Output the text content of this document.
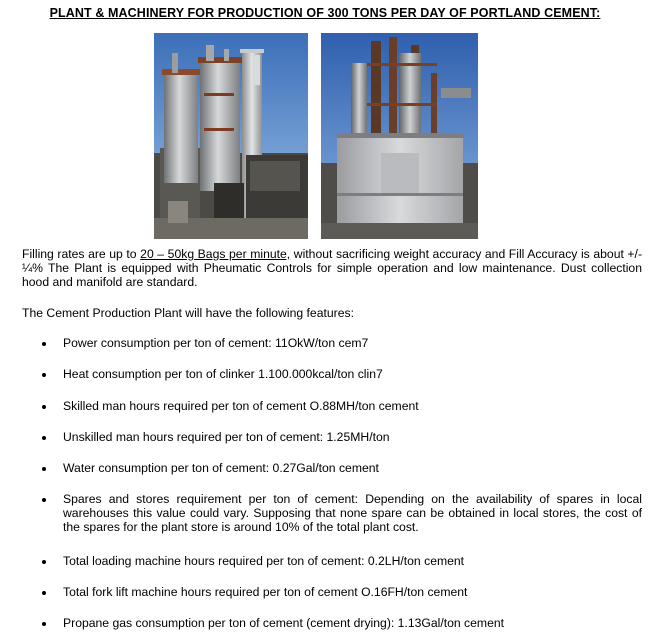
PLANT & MACHINERY FOR PRODUCTION OF 300 TONS PER DAY OF PORTLAND CEMENT:
Filling rates are up to 20 – 50kg Bags per minute, without sacrificing weight accuracy and Fill Accuracy is about +/- ¼% The Plant is equipped with Pheumatic Controls for simple operation and low maintenance. Dust collection hood and manifold are standard.
The Cement Production Plant will have the following features:
Power consumption per ton of cement: 11OkW/ton cem7
Heat consumption per ton of clinker 1.100.000kcal/ton clin7
Skilled man hours required per ton of cement O.88MH/ton cement
Unskilled man hours required per ton of cement: 1.25MH/ton
Water consumption per ton of cement: 0.27Gal/ton cement
Spares and stores requirement per ton of cement: Depending on the availability of spares in local warehouses this value could vary. Supposing that none spare can be obtained in local stores, the cost of the spares for the plant store is around 10% of the total plant cost.
Total loading machine hours required per ton of cement: 0.2LH/ton cement
Total fork lift machine hours required per ton of cement O.16FH/ton cement
Propane gas consumption per ton of cement (cement drying): 1.13Gal/ton cement
